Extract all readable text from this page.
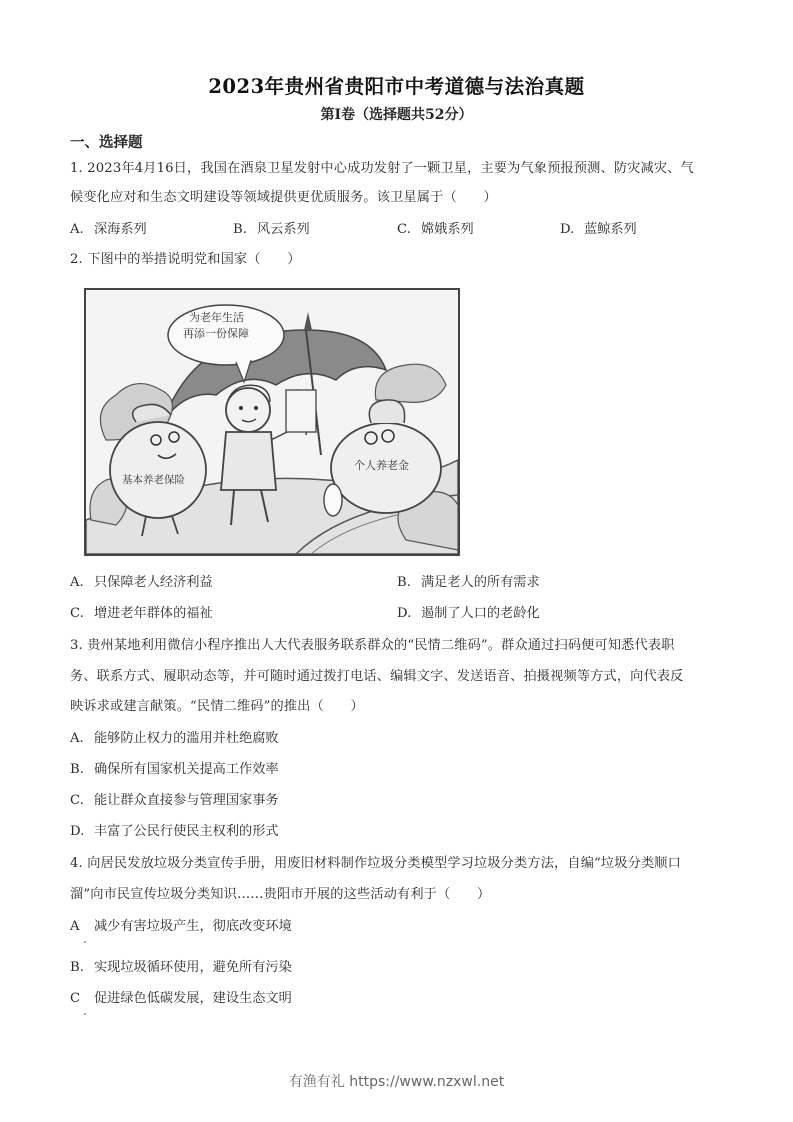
2023年贵州省贵阳市中考道德与法治真题
第Ⅰ卷（选择题共52分）
一、选择题
1. 2023年4月16日，我国在酒泉卫星发射中心成功发射了一颗卫星，主要为气象预报预测、防灾减灾、气
候变化应对和生态文明建设等领域提供更优质服务。该卫星属于（　　）
A. 深海系列	B. 风云系列	C. 嫦娥系列	D. 蓝鲸系列
2. 下图中的举措说明党和国家（　　）
为老年生活
再添一份保障
基本养老保险
个人养老金
A. 只保障老人经济利益	B. 满足老人的所有需求
C. 增进老年群体的福祉	D. 遏制了人口的老龄化
3. 贵州某地利用微信小程序推出人大代表服务联系群众的“民情二维码”。群众通过扫码便可知悉代表职
务、联系方式、履职动态等，并可随时通过拨打电话、编辑文字、发送语音、拍摄视频等方式，向代表反
映诉求或建言献策。“民情二维码”的推出（　　）
A. 能够防止权力的滥用并杜绝腐败
B. 确保所有国家机关提高工作效率
C. 能让群众直接参与管理国家事务
D. 丰富了公民行使民主权利的形式
4. 向居民发放垃圾分类宣传手册，用废旧材料制作垃圾分类模型学习垃圾分类方法，自编“垃圾分类顺口
溜”向市民宣传垃圾分类知识……贵阳市开展的这些活动有利于（　　）
A 减少有害垃圾产生，彻底改变环境
B. 实现垃圾循环使用，避免所有污染
C 促进绿色低碳发展，建设生态文明
有渔有礼 https://www.nzxwl.net
